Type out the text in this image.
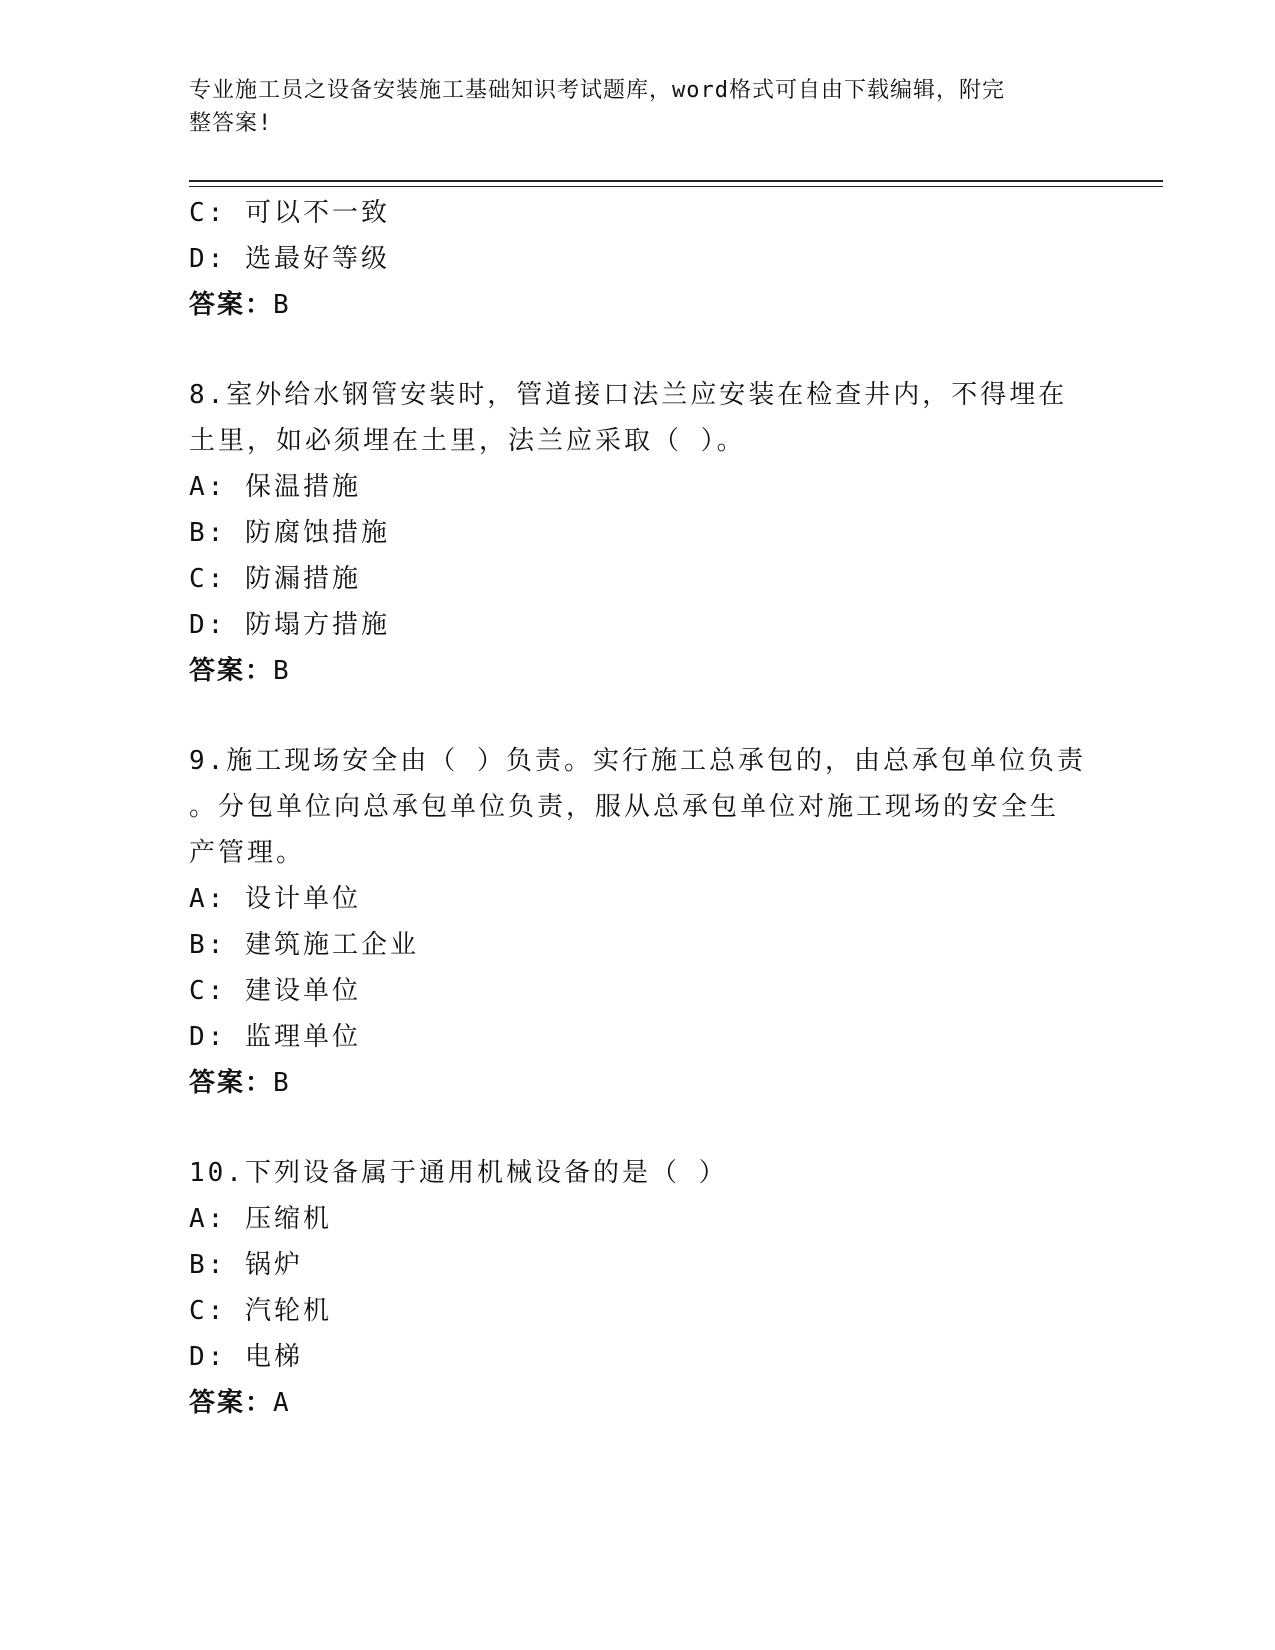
专业施工员之设备安装施工基础知识考试题库，word格式可自由下载编辑，附完
整答案!
C: 可以不一致
D: 选最好等级
答案：B
8.室外给水钢管安装时，管道接口法兰应安装在检查井内，不得埋在
土里，如必须埋在土里，法兰应采取（ ）。
A: 保温措施
B: 防腐蚀措施
C: 防漏措施
D: 防塌方措施
答案：B
9.施工现场安全由（ ）负责。实行施工总承包的，由总承包单位负责
。分包单位向总承包单位负责，服从总承包单位对施工现场的安全生
产管理。
A: 设计单位
B: 建筑施工企业
C: 建设单位
D: 监理单位
答案：B
10.下列设备属于通用机械设备的是（ ）
A: 压缩机
B: 锅炉
C: 汽轮机
D: 电梯
答案：A
